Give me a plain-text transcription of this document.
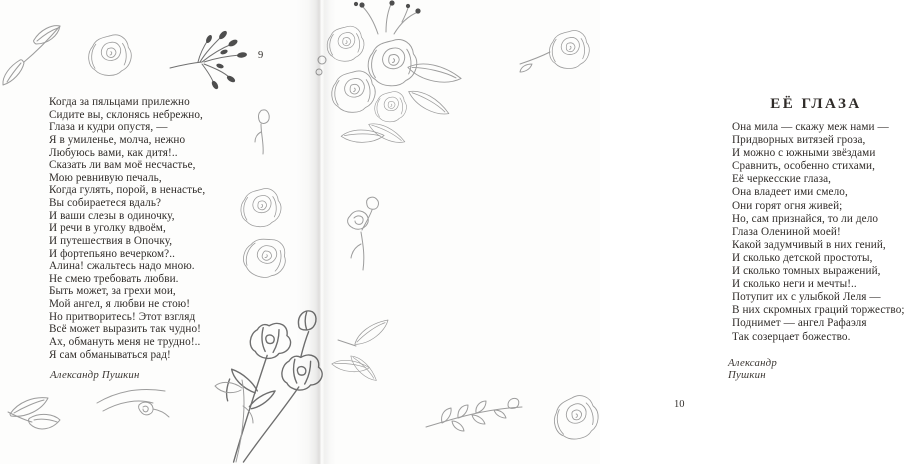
9
Когда за пяльцами прилежно
Сидите вы, склонясь небрежно,
Глаза и кудри опустя, —
Я в умиленье, молча, нежно
Любуюсь вами, как дитя!..
Сказать ли вам моё несчастье,
Мою ревнивую печаль,
Когда гулять, порой, в ненастье,
Вы собираетеся вдаль?
И ваши слезы в одиночку,
И речи в уголку вдвоём,
И путешествия в Опочку,
И фортепьяно вечерком?..
Алина! сжальтесь надо мною.
Не смею требовать любви.
Быть может, за грехи мои,
Мой ангел, я любви не стою!
Но притворитесь! Этот взгляд
Всё может выразить так чудно!
Ах, обмануть меня не трудно!..
Я сам обманываться рад!
Александр Пушкин
ЕЁ ГЛАЗА
Она мила — скажу меж нами —
Придворных витязей гроза,
И можно с южными звёздами
Сравнить, особенно стихами,
Её черкесские глаза,
Она владеет ими смело,
Они горят огня живей;
Но, сам признайся, то ли дело
Глаза Олениной моей!
Какой задумчивый в них гений,
И сколько детской простоты,
И сколько томных выражений,
И сколько неги и мечты!..
Потупит их с улыбкой Леля —
В них скромных граций торжество;
Поднимет — ангел Рафаэля
Так созерцает божество.
Александр Пушкин
10
